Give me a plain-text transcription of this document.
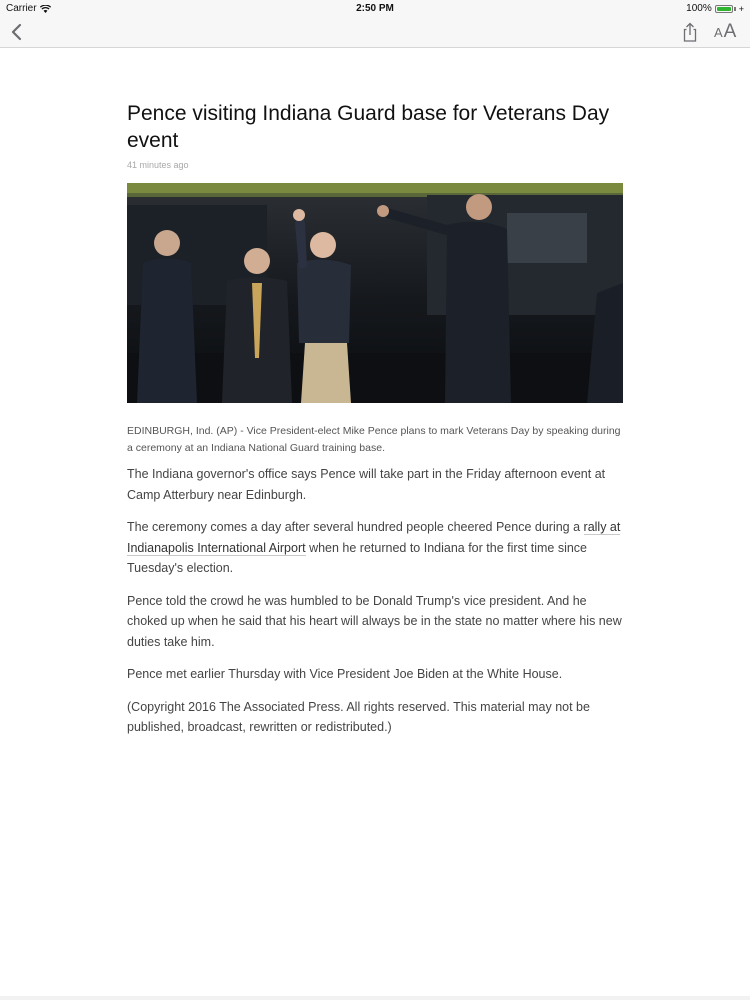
Carrier	2:50 PM	100%	+
A A
Pence visiting Indiana Guard base for Veterans Day event
41 minutes ago
EDINBURGH, Ind. (AP) - Vice President-elect Mike Pence plans to mark Veterans Day by speaking during a ceremony at an Indiana National Guard training base.

The Indiana governor's office says Pence will take part in the Friday afternoon event at Camp Atterbury near Edinburgh.

The ceremony comes a day after several hundred people cheered Pence during a rally at Indianapolis International Airport when he returned to Indiana for the first time since Tuesday's election.

Pence told the crowd he was humbled to be Donald Trump's vice president. And he choked up when he said that his heart will always be in the state no matter where his new duties take him.

Pence met earlier Thursday with Vice President Joe Biden at the White House.

(Copyright 2016 The Associated Press. All rights reserved. This material may not be published, broadcast, rewritten or redistributed.)
